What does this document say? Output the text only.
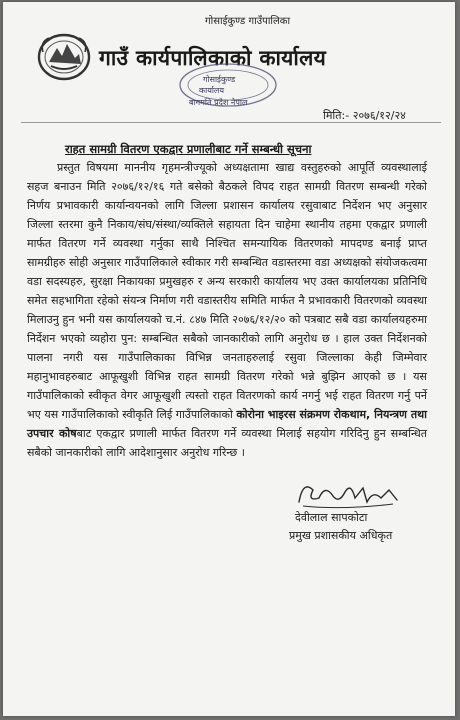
गोसाईकुण्ड गाउँपालिका
गाउँ कार्यपालिकाको कार्यालय
गोसाईकुण्ड
कार्यालय
बागमति प्रदेश नेपाल
मिति:- २०७६/१२/२४
राहत सामग्री वितरण एकद्वार प्रणालीबाट गर्ने सम्बन्धी सूचना
प्रस्तुत विषयमा माननीय गृहमन्त्रीज्यूको अध्यक्षतामा खाद्य वस्तुहरुको आपूर्ति व्यवस्थालाई सहज बनाउन मिति २०७६/१२/१६ गते बसेको बैठकले विपद राहत सामग्री वितरण सम्बन्धी गरेको निर्णय प्रभावकारी कार्यान्वयनको लागि जिल्ला प्रशासन कार्यालय रसुवाबाट निर्देशन भए अनुसार जिल्ला स्तरमा कुनै निकाय/संघ/संस्था/व्यक्तिले सहायता दिन चाहेमा स्थानीय तहमा एकद्वार प्रणाली मार्फत वितरण गर्ने व्यवस्था गर्नुका साथै निश्चित समन्यायिक वितरणको मापदण्ड बनाई प्राप्त सामग्रीहरु सोही अनुसार गाउँपालिकाले स्वीकार गरी सम्बन्धित वडास्तरमा वडा अध्यक्षको संयोजकत्वमा वडा सदस्यहरु, सुरक्षा निकायका प्रमुखहरु र अन्य सरकारी कार्यालय भए उक्त कार्यालयका प्रतिनिधि समेत सहभागिता रहेको संयन्त्र निर्माण गरी वडास्तरीय समिति मार्फत नै प्रभावकारी वितरणको व्यवस्था मिलाउनु हुन भनी यस कार्यालयको च.नं. ८४७ मिति २०७६/१२/२० को पत्रबाट सबै वडा कार्यालयहरुमा निर्देशन भएको व्यहोरा पुन: सम्बन्धित सबैको जानकारीको लागि अनुरोध छ । हाल उक्त निर्देशनको पालना नगरी यस गाउँपालिकाका विभिन्न जनताहरुलाई रसुवा जिल्लाका केही जिम्मेवार महानुभावहरुबाट आफूखुशी विभिन्न राहत सामग्री वितरण गरेको भन्ने बुझिन आएको छ । यस गाउँपालिकाको स्वीकृत वेगर आफूखुशी त्यस्तो राहत वितरणको कार्य नगर्नु भई राहत वितरण गर्नु पर्ने भए यस गाउँपालिकाको स्वीकृति लिई गाउँपालिकाको कोरोना भाइरस संक्रमण रोकथाम, नियन्त्रण तथा उपचार कोषबाट एकद्वार प्रणाली मार्फत वितरण गर्ने व्यवस्था मिलाई सहयोग गरिदिनु हुन सम्बन्धित सबैको जानकारीको लागि आदेशानुसार अनुरोध गरिन्छ ।
देवीलाल सापकोटा
प्रमुख प्रशासकीय अधिकृत
